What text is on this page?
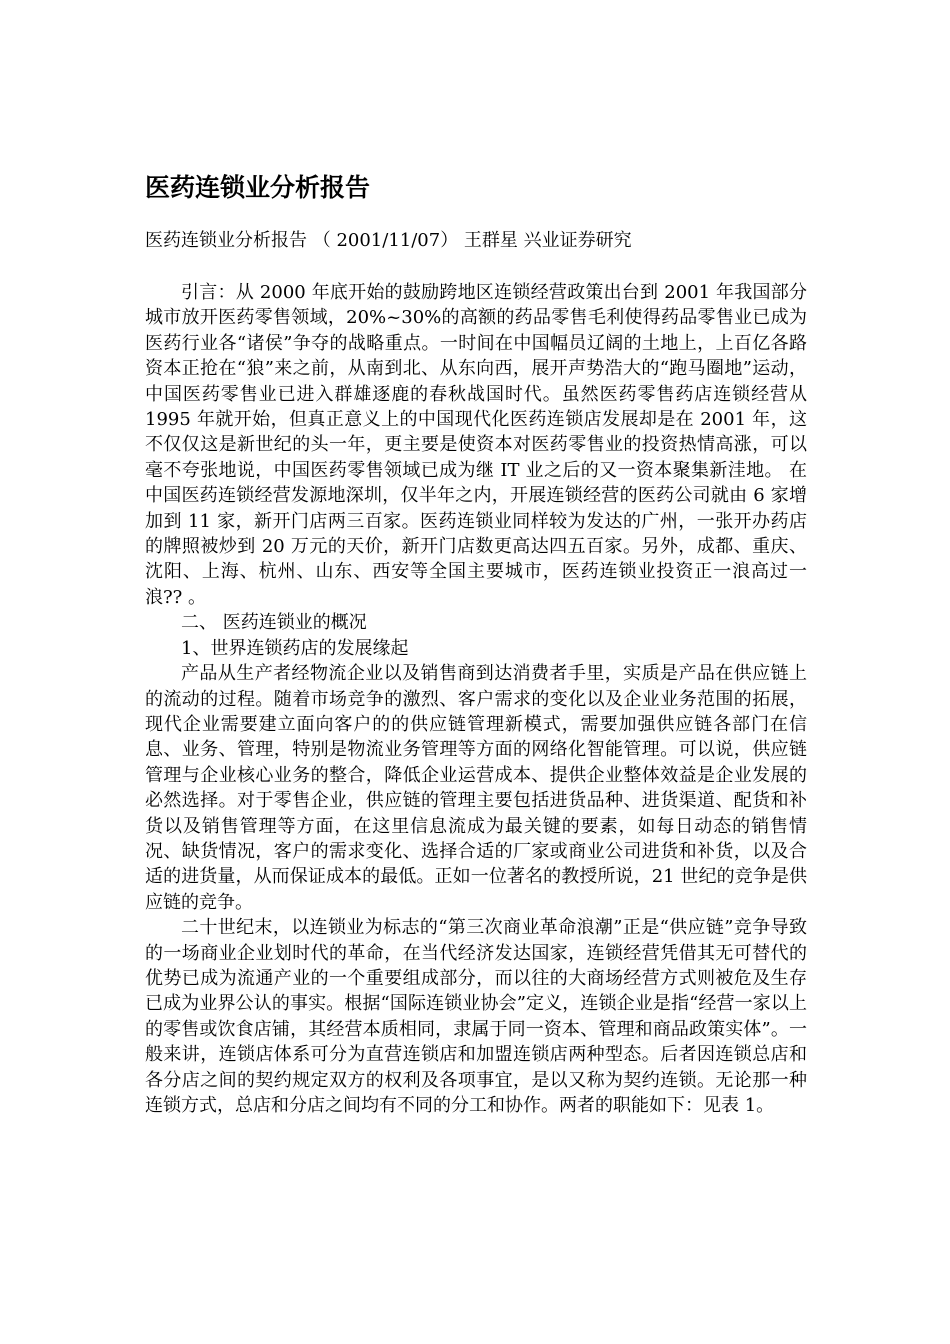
医药连锁业分析报告
医药连锁业分析报告 （ 2001/11/07） 王群星 兴业证券研究

引言：从 2000 年底开始的鼓励跨地区连锁经营政策出台到 2001 年我国部分城市放开医药零售领域，20%~30%的高额的药品零售毛利使得药品零售业已成为医药行业各“诸侯”争夺的战略重点。一时间在中国幅员辽阔的土地上，上百亿各路资本正抢在“狼”来之前，从南到北、从东向西，展开声势浩大的“跑马圈地”运动，中国医药零售业已进入群雄逐鹿的春秋战国时代。虽然医药零售药店连锁经营从 1995 年就开始，但真正意义上的中国现代化医药连锁店发展却是在 2001 年，这不仅仅这是新世纪的头一年，更主要是使资本对医药零售业的投资热情高涨，可以毫不夸张地说，中国医药零售领域已成为继 IT 业之后的又一资本聚集新洼地。 在中国医药连锁经营发源地深圳，仅半年之内，开展连锁经营的医药公司就由 6 家增加到 11 家，新开门店两三百家。医药连锁业同样较为发达的广州，一张开办药店的牌照被炒到 20 万元的天价，新开门店数更高达四五百家。另外，成都、重庆、沈阳、上海、杭州、山东、西安等全国主要城市，医药连锁业投资正一浪高过一浪?? 。

二、 医药连锁业的概况

1、世界连锁药店的发展缘起

产品从生产者经物流企业以及销售商到达消费者手里，实质是产品在供应链上的流动的过程。随着市场竞争的激烈、客户需求的变化以及企业业务范围的拓展，现代企业需要建立面向客户的的供应链管理新模式，需要加强供应链各部门在信息、业务、管理，特别是物流业务管理等方面的网络化智能管理。可以说，供应链管理与企业核心业务的整合，降低企业运营成本、提供企业整体效益是企业发展的必然选择。对于零售企业，供应链的管理主要包括进货品种、进货渠道、配货和补货以及销售管理等方面，在这里信息流成为最关键的要素，如每日动态的销售情况、缺货情况，客户的需求变化、选择合适的厂家或商业公司进货和补货，以及合适的进货量，从而保证成本的最低。正如一位著名的教授所说，21 世纪的竞争是供应链的竞争。

二十世纪末，以连锁业为标志的“第三次商业革命浪潮”正是“供应链”竞争导致的一场商业企业划时代的革命，在当代经济发达国家，连锁经营凭借其无可替代的优势已成为流通产业的一个重要组成部分，而以往的大商场经营方式则被危及生存已成为业界公认的事实。根据“国际连锁业协会”定义，连锁企业是指“经营一家以上的零售或饮食店铺，其经营本质相同，隶属于同一资本、管理和商品政策实体”。一般来讲，连锁店体系可分为直营连锁店和加盟连锁店两种型态。后者因连锁总店和各分店之间的契约规定双方的权利及各项事宜，是以又称为契约连锁。无论那一种连锁方式，总店和分店之间均有不同的分工和协作。两者的职能如下：见表 1。
